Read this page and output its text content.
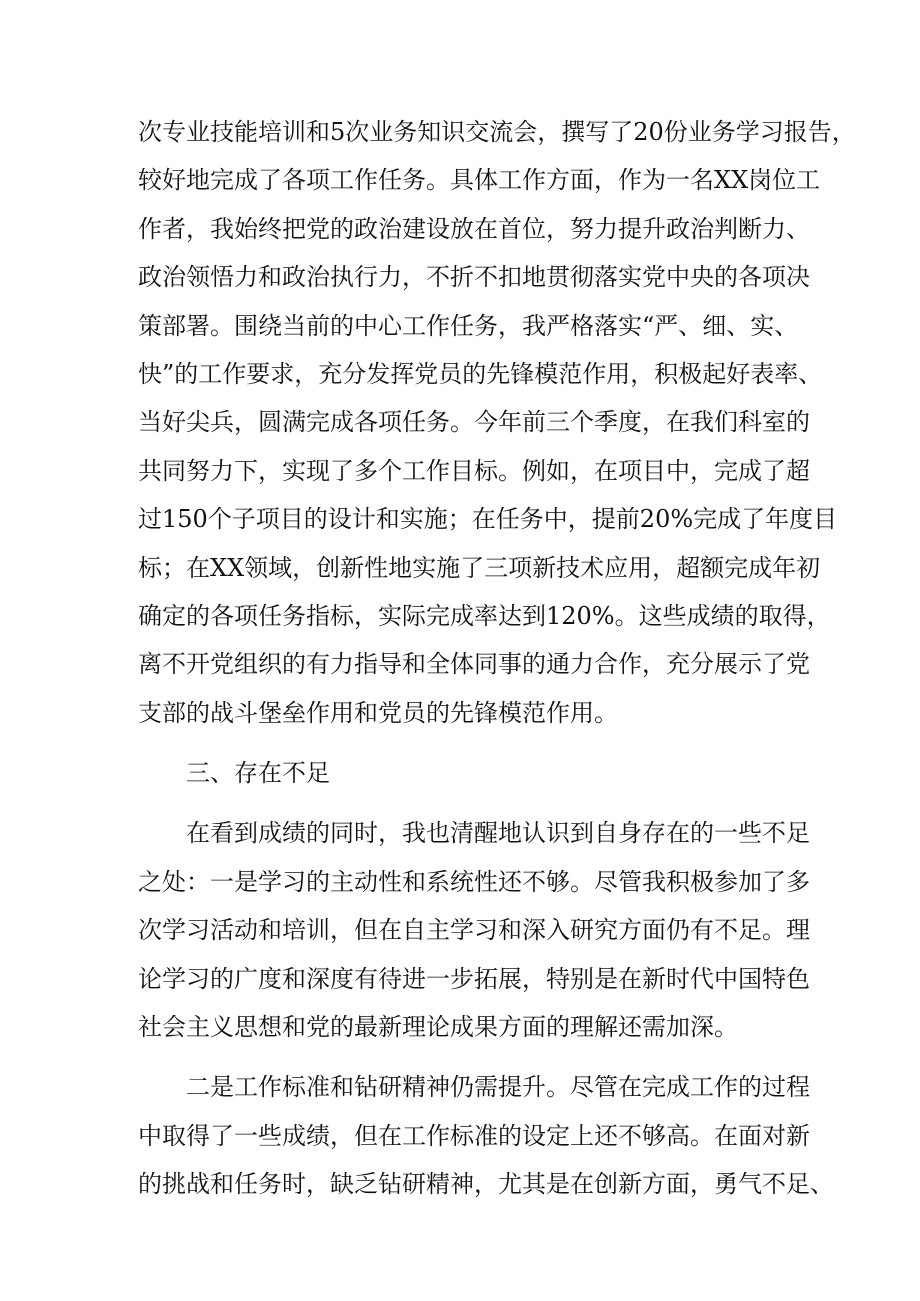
次专业技能培训和5次业务知识交流会，撰写了20份业务学习报告，
较好地完成了各项工作任务。具体工作方面，作为一名XX岗位工
作者，我始终把党的政治建设放在首位，努力提升政治判断力、
政治领悟力和政治执行力，不折不扣地贯彻落实党中央的各项决
策部署。围绕当前的中心工作任务，我严格落实“严、细、实、
快”的工作要求，充分发挥党员的先锋模范作用，积极起好表率、
当好尖兵，圆满完成各项任务。今年前三个季度，在我们科室的
共同努力下，实现了多个工作目标。例如，在项目中，完成了超
过150个子项目的设计和实施；在任务中，提前20%完成了年度目
标；在XX领域，创新性地实施了三项新技术应用，超额完成年初
确定的各项任务指标，实际完成率达到120%。这些成绩的取得，
离不开党组织的有力指导和全体同事的通力合作，充分展示了党
支部的战斗堡垒作用和党员的先锋模范作用。
三、存在不足
在看到成绩的同时，我也清醒地认识到自身存在的一些不足
之处：一是学习的主动性和系统性还不够。尽管我积极参加了多
次学习活动和培训，但在自主学习和深入研究方面仍有不足。理
论学习的广度和深度有待进一步拓展，特别是在新时代中国特色
社会主义思想和党的最新理论成果方面的理解还需加深。
二是工作标准和钻研精神仍需提升。尽管在完成工作的过程
中取得了一些成绩，但在工作标准的设定上还不够高。在面对新
的挑战和任务时，缺乏钻研精神，尤其是在创新方面，勇气不足、
